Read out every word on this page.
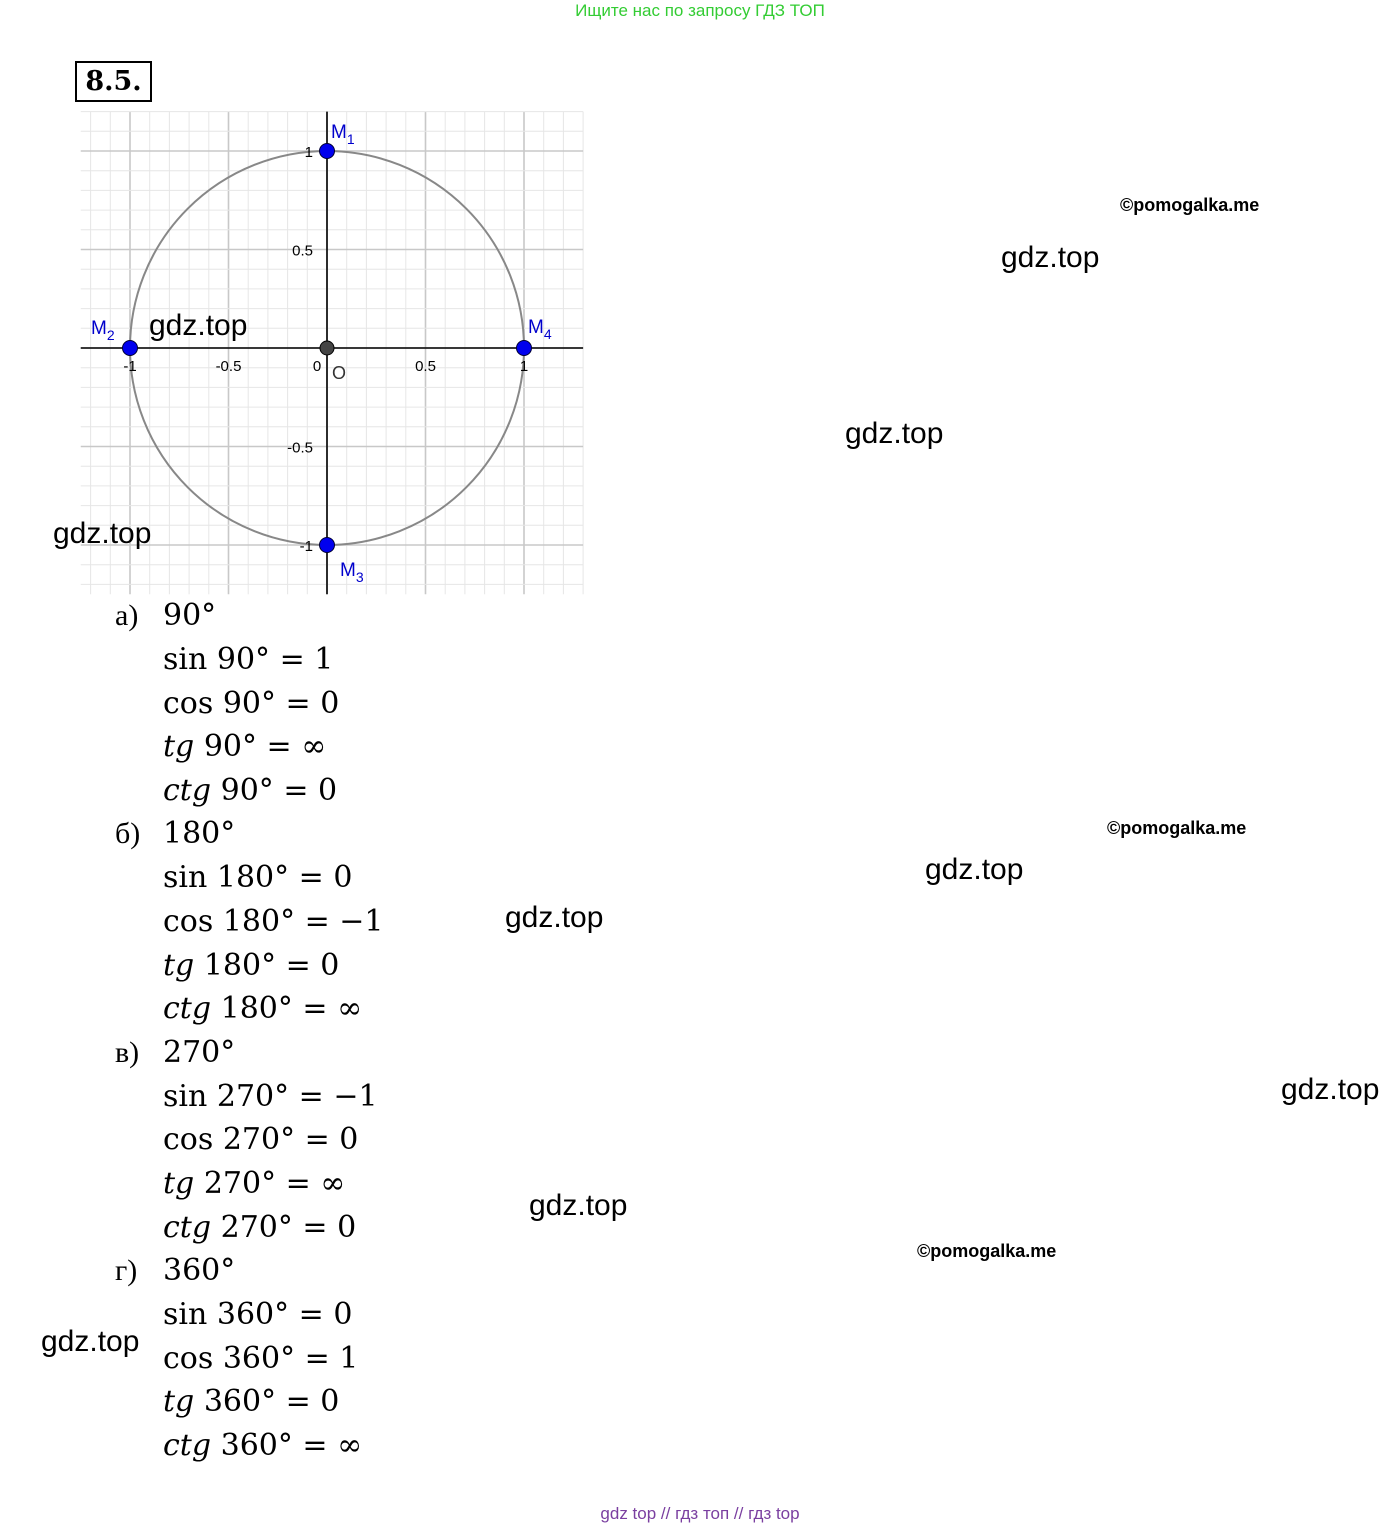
Ищите нас по запросу ГДЗ ТОП
8.5.
-1	-0.5	0	0.5	1
1
0.5
-0.5
-1
O
$M_1$
$M_2$
$M_3$
$M_4$
©pomogalka.me
gdz.top
gdz.top
gdz.top
gdz.top
©pomogalka.me
gdz.top
gdz.top
gdz.top
gdz.top
©pomogalka.me
gdz.top
а) 90°
sin 90° = 1
cos 90° = 0
tg 90° = ∞
ctg 90° = 0
б) 180°
sin 180° = 0
cos 180° = −1
tg 180° = 0
ctg 180° = ∞
в) 270°
sin 270° = −1
cos 270° = 0
tg 270° = ∞
ctg 270° = 0
г) 360°
sin 360° = 0
cos 360° = 1
tg 360° = 0
ctg 360° = ∞
gdz top // гдз топ // гдз top
